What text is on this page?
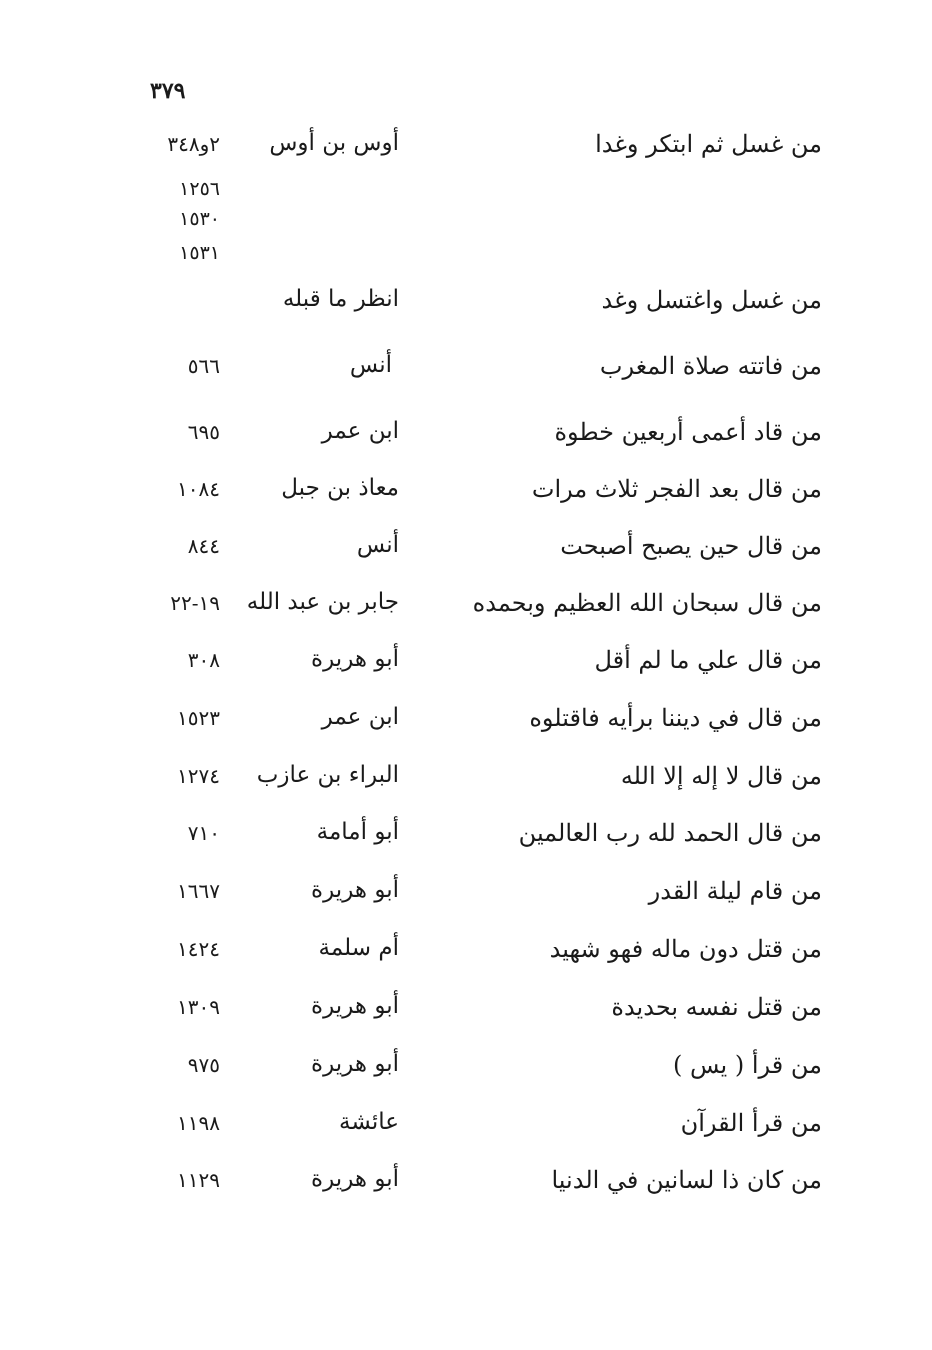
٣٧٩
من غسل ثم ابتكر وغدا
أوس بن أوس
٢و٣٤٨
١٢٥٦
١٥٣٠
١٥٣١
من غسل واغتسل وغد
انظر ما قبله
من فاتته صلاة المغرب
أنس
٥٦٦
من قاد أعمى أربعين خطوة
ابن عمر
٦٩٥
من قال بعد الفجر ثلاث مرات
معاذ بن جبل
١٠٨٤
من قال حين يصبح أصبحت
أنس
٨٤٤
من قال سبحان الله العظيم وبحمده
جابر بن عبد الله
١٩-٢٢
من قال علي ما لم أقل
أبو هريرة
٣٠٨
من قال في ديننا برأيه فاقتلوه
ابن عمر
١٥٢٣
من قال لا إله إلا الله
البراء بن عازب
١٢٧٤
من قال الحمد لله رب العالمين
أبو أمامة
٧١٠
من قام ليلة القدر
أبو هريرة
١٦٦٧
من قتل دون ماله فهو شهيد
أم سلمة
١٤٢٤
من قتل نفسه بحديدة
أبو هريرة
١٣٠٩
من قرأ ( يس )
أبو هريرة
٩٧٥
من قرأ القرآن
عائشة
١١٩٨
من كان ذا لسانين في الدنيا
أبو هريرة
١١٢٩
